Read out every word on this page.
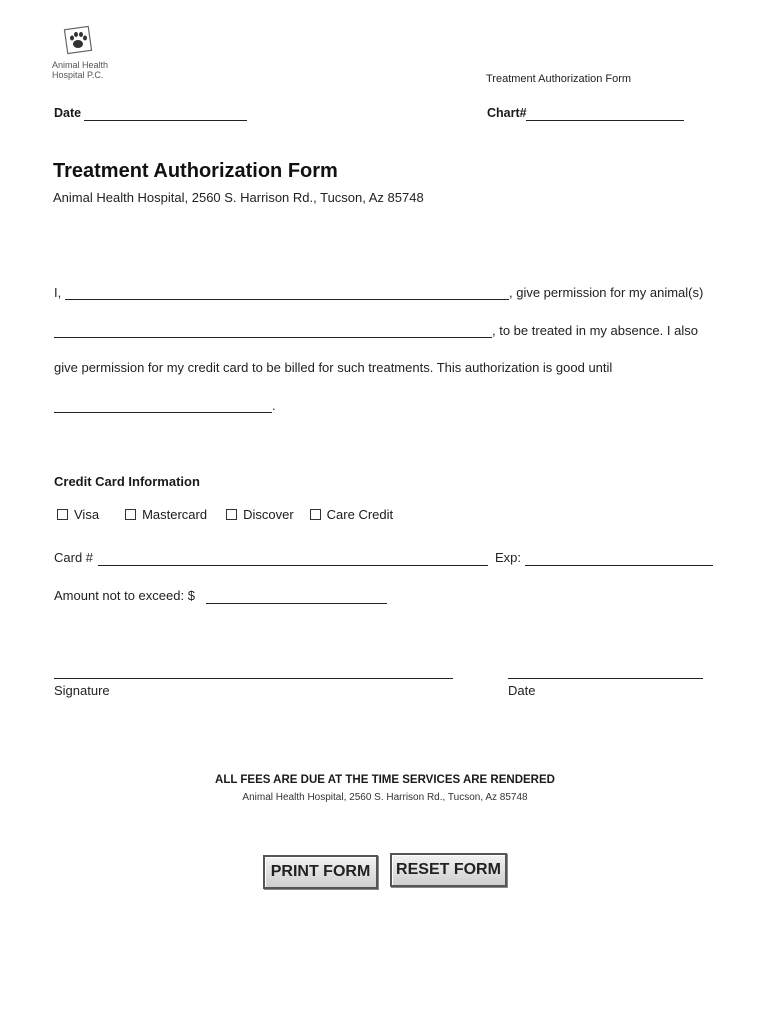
Animal Health
Hospital P.C.	Treatment Authorization Form
Date	Chart#
Treatment Authorization Form
Animal Health Hospital, 2560 S. Harrison Rd., Tucson, Az 85748
I,	, give permission for my animal(s)
, to be treated in my absence. I also
give permission for my credit card to be billed for such treatments. This authorization is good until
.
Credit Card Information
Visa	Mastercard	Discover	Care Credit
Card #	Exp:
Amount not to exceed: $
Signature	Date
ALL FEES ARE DUE AT THE TIME SERVICES ARE RENDERED
Animal Health Hospital, 2560 S. Harrison Rd., Tucson, Az 85748
PRINT FORM	RESET FORM
